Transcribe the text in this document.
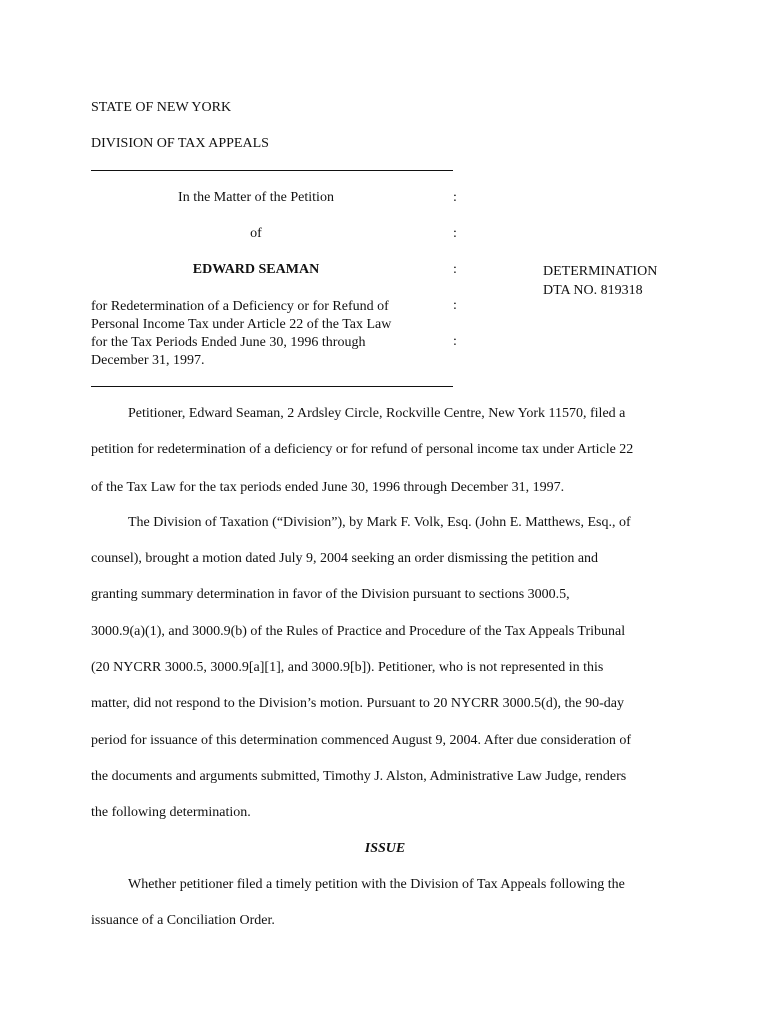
STATE OF NEW YORK
DIVISION OF TAX APPEALS
In the Matter of the Petition	:
of	:
EDWARD SEAMAN	:	DETERMINATION
DTA NO. 819318
for Redetermination of a Deficiency or for Refund of
Personal Income Tax under Article 22 of the Tax Law
for the Tax Periods Ended June 30, 1996 through
December 31, 1997.
:
:
Petitioner, Edward Seaman, 2 Ardsley Circle, Rockville Centre, New York 11570, filed a
petition for redetermination of a deficiency or for refund of personal income tax under Article 22
of the Tax Law for the tax periods ended June 30, 1996 through December 31, 1997.
The Division of Taxation (“Division”), by Mark F. Volk, Esq. (John E. Matthews, Esq., of
counsel), brought a motion dated July 9, 2004 seeking an order dismissing the petition and
granting summary determination in favor of the Division pursuant to sections 3000.5,
3000.9(a)(1), and 3000.9(b) of the Rules of Practice and Procedure of the Tax Appeals Tribunal
(20 NYCRR 3000.5, 3000.9[a][1], and 3000.9[b]). Petitioner, who is not represented in this
matter, did not respond to the Division’s motion. Pursuant to 20 NYCRR 3000.5(d), the 90-day
period for issuance of this determination commenced August 9, 2004. After due consideration of
the documents and arguments submitted, Timothy J. Alston, Administrative Law Judge, renders
the following determination.
ISSUE
Whether petitioner filed a timely petition with the Division of Tax Appeals following the
issuance of a Conciliation Order.
